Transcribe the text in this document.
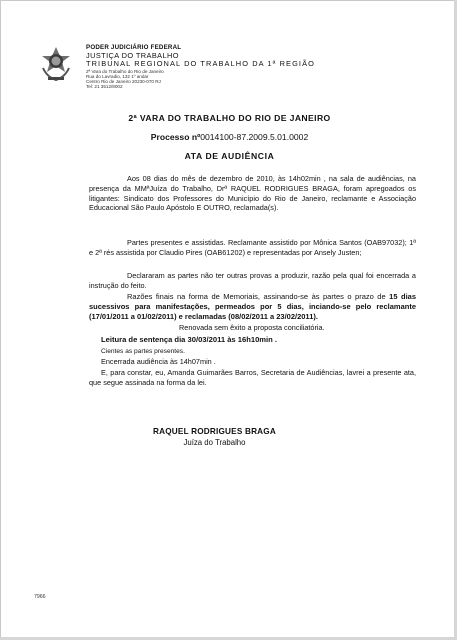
PODER JUDICIÁRIO FEDERAL
JUSTIÇA DO TRABALHO
TRIBUNAL REGIONAL DO TRABALHO DA 1ª REGIÃO
2ª Vara do Trabalho do Rio de Janeiro
Rua do Lavradio, 132 1º andar
Centro Rio de Janeiro 20230-070 RJ
Tel: 21 3512/8002
2ª VARA DO TRABALHO DO RIO DE JANEIRO
Processo nº0014100-87.2009.5.01.0002
ATA DE AUDIÊNCIA
Aos 08 dias do mês de dezembro de 2010, às 14h02min , na sala de audiências, na presença da MMªJuíza do Trabalho, Drª RAQUEL RODRIGUES BRAGA, foram apregoados os litigantes: Sindicato dos Professores do Município do Rio de Janeiro, reclamante e Associação Educacional São Paulo Apóstolo E OUTRO, reclamada(s).
Partes presentes e assistidas. Reclamante assistido por Mônica Santos (OAB97032); 1ª e 2ª rés assistida por Claudio Pires (OAB61202) e representadas por Ansely Justen;
Declararam as partes não ter outras provas a produzir, razão pela qual foi encerrada a instrução do feito.
Razões finais na forma de Memoriais, assinando-se às partes o prazo de 15 dias sucessivos para manifestações, permeados por 5 dias, inciando-se pelo reclamante (17/01/2011 a 01/02/2011) e reclamadas (08/02/2011 a 23/02/2011).
Renovada sem êxito a proposta conciliatória.
Leitura de sentença dia 30/03/2011 às 16h10min .
Cientes as partes presentes.
Encerrada audiência às 14h07min .
E, para constar, eu, Amanda Guimarães Barros, Secretaria de Audiências, lavrei a presente ata, que segue assinada na forma da lei.
RAQUEL RODRIGUES BRAGA
Juíza do Trabalho
7966
